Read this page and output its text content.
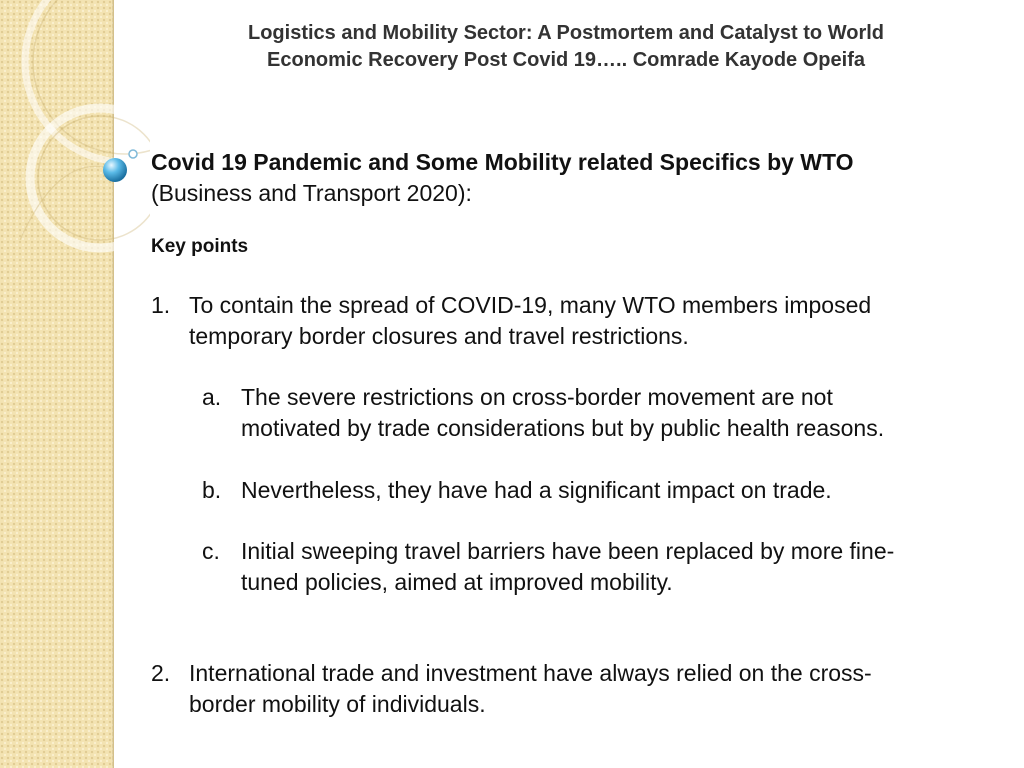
Logistics and Mobility Sector: A Postmortem and Catalyst to World
Economic Recovery Post Covid 19….. Comrade Kayode Opeifa
Covid 19 Pandemic and Some Mobility related Specifics by WTO
(Business and Transport 2020):
Key points
1. To contain the spread of COVID-19, many WTO members imposed
temporary border closures and travel restrictions.
a. The severe restrictions on cross-border movement are not
motivated by trade considerations but by public health reasons.
b. Nevertheless, they have had a significant impact on trade.
c. Initial sweeping travel barriers have been replaced by more fine-
tuned policies, aimed at improved mobility.
2. International trade and investment have always relied on the cross-
border mobility of individuals.
